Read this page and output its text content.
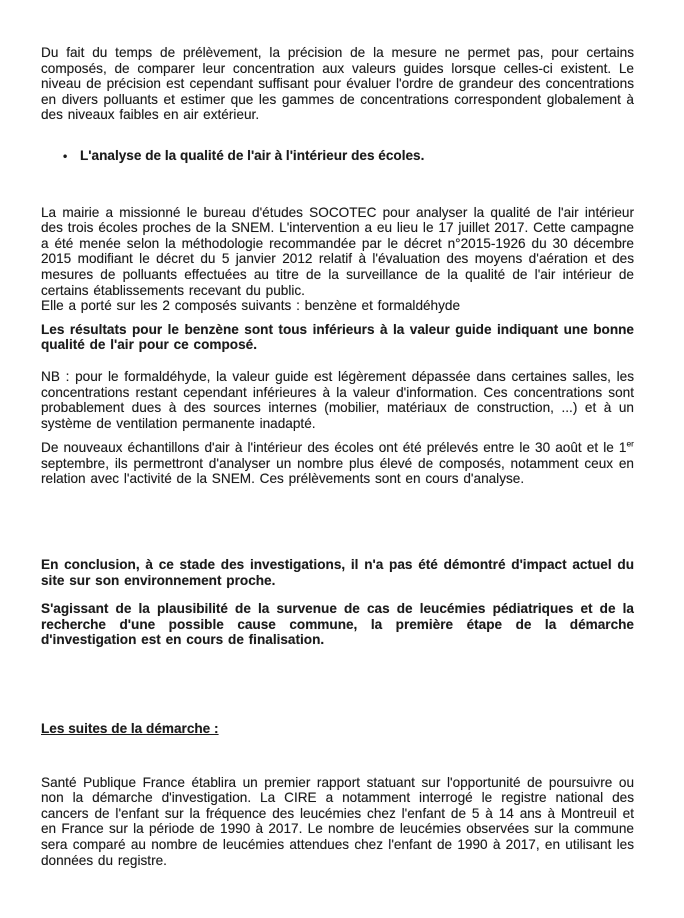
Du fait du temps de prélèvement, la précision de la mesure ne permet pas, pour certains composés, de comparer leur concentration aux valeurs guides lorsque celles-ci existent. Le niveau de précision est cependant suffisant pour évaluer l'ordre de grandeur des concentrations en divers polluants et estimer que les gammes de concentrations correspondent globalement à des niveaux faibles en air extérieur.

• L'analyse de la qualité de l'air à l'intérieur des écoles.

La mairie a missionné le bureau d'études SOCOTEC pour analyser la qualité de l'air intérieur des trois écoles proches de la SNEM. L'intervention a eu lieu le 17 juillet 2017. Cette campagne a été menée selon la méthodologie recommandée par le décret n°2015-1926 du 30 décembre 2015 modifiant le décret du 5 janvier 2012 relatif à l'évaluation des moyens d'aération et des mesures de polluants effectuées au titre de la surveillance de la qualité de l'air intérieur de certains établissements recevant du public.

Elle a porté sur les 2 composés suivants : benzène et formaldéhyde

Les résultats pour le benzène sont tous inférieurs à la valeur guide indiquant une bonne qualité de l'air pour ce composé.

NB : pour le formaldéhyde, la valeur guide est légèrement dépassée dans certaines salles, les concentrations restant cependant inférieures à la valeur d'information. Ces concentrations sont probablement dues à des sources internes (mobilier, matériaux de construction, ...) et à un système de ventilation permanente inadapté.

De nouveaux échantillons d'air à l'intérieur des écoles ont été prélevés entre le 30 août et le 1er septembre, ils permettront d'analyser un nombre plus élevé de composés, notamment ceux en relation avec l'activité de la SNEM. Ces prélèvements sont en cours d'analyse.

En conclusion, à ce stade des investigations, il n'a pas été démontré d'impact actuel du site sur son environnement proche.

S'agissant de la plausibilité de la survenue de cas de leucémies pédiatriques et de la recherche d'une possible cause commune, la première étape de la démarche d'investigation est en cours de finalisation.

Les suites de la démarche :

Santé Publique France établira un premier rapport statuant sur l'opportunité de poursuivre ou non la démarche d'investigation. La CIRE a notamment interrogé le registre national des cancers de l'enfant sur la fréquence des leucémies chez l'enfant de 5 à 14 ans à Montreuil et en France sur la période de 1990 à 2017. Le nombre de leucémies observées sur la commune sera comparé au nombre de leucémies attendues chez l'enfant de 1990 à 2017, en utilisant les données du registre.
